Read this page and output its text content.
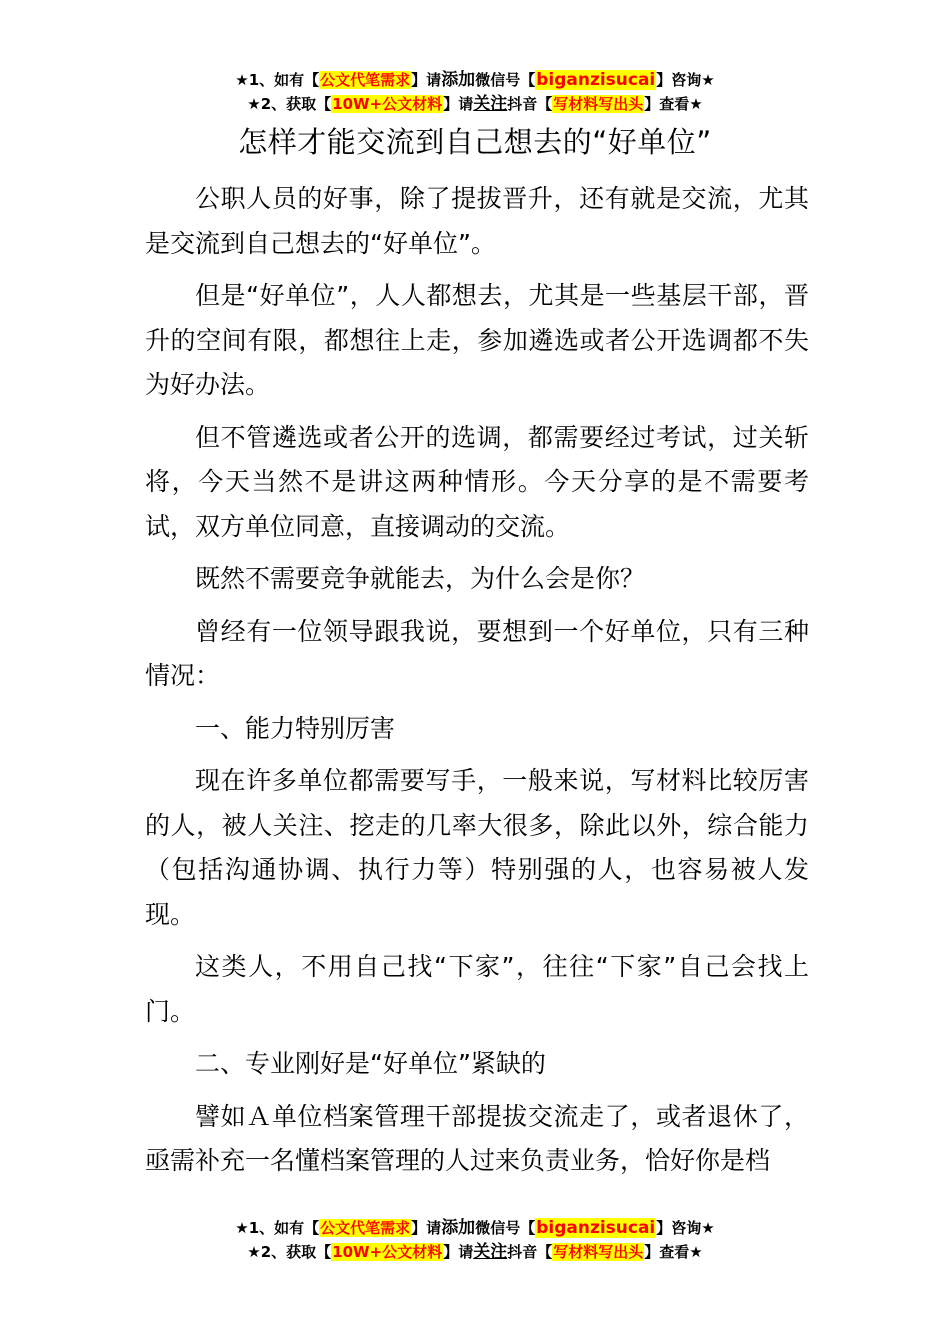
★1、如有【公文代笔需求】请添加微信号【biganzisucai】咨询★
★2、获取【10W+公文材料】请关注抖音【写材料写出头】查看★
怎样才能交流到自己想去的“好单位”

公职人员的好事，除了提拔晋升，还有就是交流，尤其是交流到自己想去的“好单位”。

但是“好单位”，人人都想去，尤其是一些基层干部，晋升的空间有限，都想往上走，参加遴选或者公开选调都不失为好办法。

但不管遴选或者公开的选调，都需要经过考试，过关斩将，今天当然不是讲这两种情形。今天分享的是不需要考试，双方单位同意，直接调动的交流。

既然不需要竞争就能去，为什么会是你？

曾经有一位领导跟我说，要想到一个好单位，只有三种情况：

一、能力特别厉害

现在许多单位都需要写手，一般来说，写材料比较厉害的人，被人关注、挖走的几率大很多，除此以外，综合能力（包括沟通协调、执行力等）特别强的人，也容易被人发现。

这类人，不用自己找“下家”，往往“下家”自己会找上门。

二、专业刚好是“好单位”紧缺的

譬如Ａ单位档案管理干部提拔交流走了，或者退休了，亟需补充一名懂档案管理的人过来负责业务，恰好你是档

★1、如有【公文代笔需求】请添加微信号【biganzisucai】咨询★
★2、获取【10W+公文材料】请关注抖音【写材料写出头】查看★
